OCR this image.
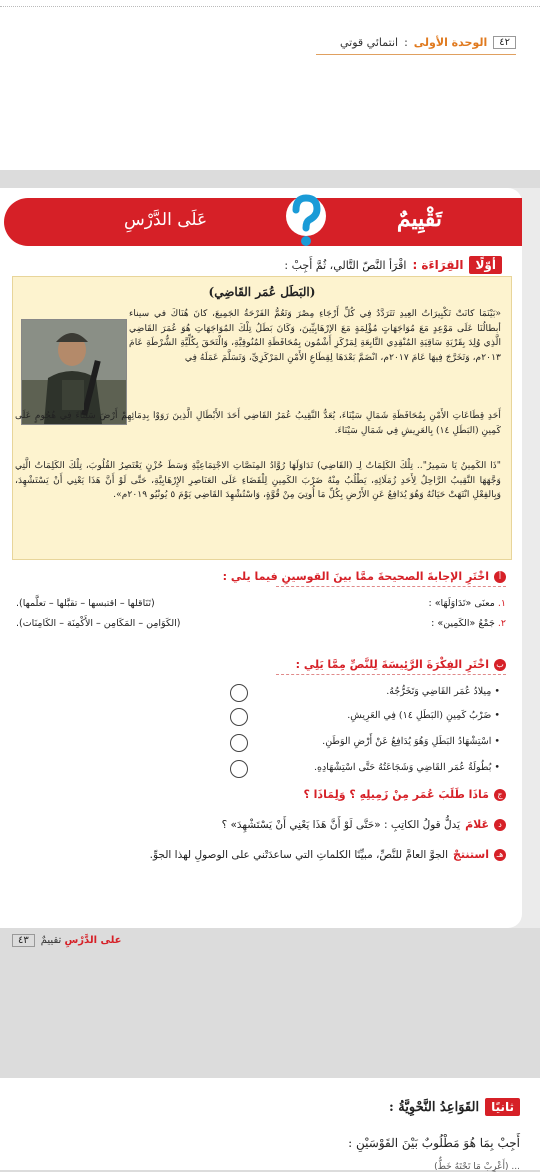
٤٢
الوحدة الأولى
:
انتمائي قوتي
تَقْيِيمٌ
عَلَى الدَّرْسِ
أوّلًا
القِرَاءَة :
اقْرَأ النَّصّ التَّالي، ثُمَّ أَجِبْ :
(البَطَل عُمَر القَاضِي)
«بَيْنَمَا كانَتْ تَكْبِيرَاتُ العِيدِ تَتَرَدَّدُ فِي كُلِّ أَرْجَاءِ مِصْرَ وَتَعُمُّ الفَرْحَةُ الجَمِيعَ، كانَ هُنَاكَ في سيناء أبطالُنَا عَلَى مَوْعِدٍ مَعَ مُوَاجَهَاتٍ مُؤْلِمَةٍ مَعَ الإرْهَابِيِّينَ، وَكَانَ بَطَلُ تِلْكَ المُوَاجَهَاتِ هُوَ عُمَرَ القَاضِي الَّذِي وُلِدَ بِقَرْيَةِ سَاقِيَةِ المُنْقِدِي التَّابِعَةِ لِمَرْكَزِ أَشْمُون بِمُحَافَظَةِ المُنُوفِيَّةِ، وَالْتَحَقَ بِكُلِّيَّةِ الشُّرْطَةِ عَامَ ٢٠١٣م، وَتَخَرَّجَ فِيهَا عَامَ ٢٠١٧م، انْضَمَّ بَعْدَهَا لِقِطَاعِ الأَمْنِ المَرْكَزِيِّ، وَتَسَلَّمَ عَمَلَهُ فِي
أَحَدِ قِطَاعَاتِ الأَمْنِ بِمُحَافَظَةِ شَمَالِ سَيْنَاءَ، يُعَدُّ النَّقِيبُ عُمَرُ القَاضِي أَحَدَ الأَبْطَالِ الَّذِينَ رَوَوْا بِدِمَائِهِمْ أَرْضَ سَيْنَاءَ فِي هُجُومٍ عَلَى كَمِينِ (البَطَلِ ١٤) بِالعَرِيشِ فِي شَمَالِ سَيْنَاءَ.
"ذَا الكَمِينُ يَا سَمِيرُ".. تِلْكَ الكَلِمَاتُ لِـ (القَاضِي) تَدَاوَلَهَا رُوَّادُ المِنَصَّاتِ الاجْتِمَاعِيَّةِ وَسَطَ حُزْنٍ يَعْتَصِرُ القُلُوبَ، تِلْكَ الكَلِمَاتُ الَّتِي وَجَّهَهَا النَّقِيبُ الرَّاحِلُ لِأَحَدِ زُمَلَائِهِ، يَطْلُبُ مِنْهُ ضَرْبَ الكَمِينِ لِلْقَضَاءِ عَلَى العَنَاصِرِ الإِرْهَابِيَّةِ، حَتَّى لَوْ أَنَّ هَذَا يَعْنِي أَنْ يَسْتَشْهِدَ، وَبِالفِعْلِ انْتَهَتْ حَيَاتُهُ وَهُوَ يُدَافِعُ عَنِ الأَرْضِ بِكُلِّ مَا أُوتِيَ مِنْ قُوَّةٍ، وَاسْتُشْهِدَ القَاضِي يَوْمَ ٥ يُونْيُو ٢٠١٩م».
أ
اخْتَرِ الإجابةَ الصحيحةَ ممَّا بينَ القوسينِ فيما يلي :
١. معنَى «تَدَاوَلَهَا» :
(تَنَاقلها – اقتبسها – تقبَّلها – تعلَّمها).
٢. جَمْعُ «الكَمِين» :
(الكَوَامِن – المَكَامِن – الأَكْمِنَة – الكَامِنَات).
ب
اخْتَرِ الفِكْرَةَ الرَّئِيسَةَ لِلنَّصِّ مِمَّا يَلِي :
• مِيلادُ عُمَر القَاضِي وَتَخَرُّجُهُ.
• ضَرْبُ كَمِينِ (البَطَلِ ١٤) فِي العَرِيشِ.
• اسْتِشْهَادُ البَطَلِ وَهُوَ يُدَافِعُ عَنْ أَرْضِ الوَطَنِ.
• بُطُولَةُ عُمَر القَاضِي وَشَجَاعَتُهُ حَتَّى اسْتِشْهَادِهِ.
ج
مَاذَا طَلَبَ عُمَر مِنْ زَمِيلِهِ ؟ وَلِمَاذَا ؟
د
عَلامَ
يَدلُّ قولُ الكاتِبِ : «حَتَّى لَوْ أَنَّ هَذَا يَعْنِي أَنْ يَسْتَشْهِدَ» ؟
هـ
استنتجْ
الجوَّ العامَّ للنَّصِّ، مبيِّنًا الكلماتِ التي ساعدَتْني على الوصولِ لهذا الجوِّ.
٤٣	على الدَّرْسِ تقييمٌ
ثانيًا
القَوَاعِدُ النَّحْوِيَّةُ :
أَجِبْ بِمَا هُوَ مَطْلُوبٌ بَيْنَ القَوْسَيْنِ :
... (أَعْرِبْ مَا تَحْتَهُ خَطٌّ)
